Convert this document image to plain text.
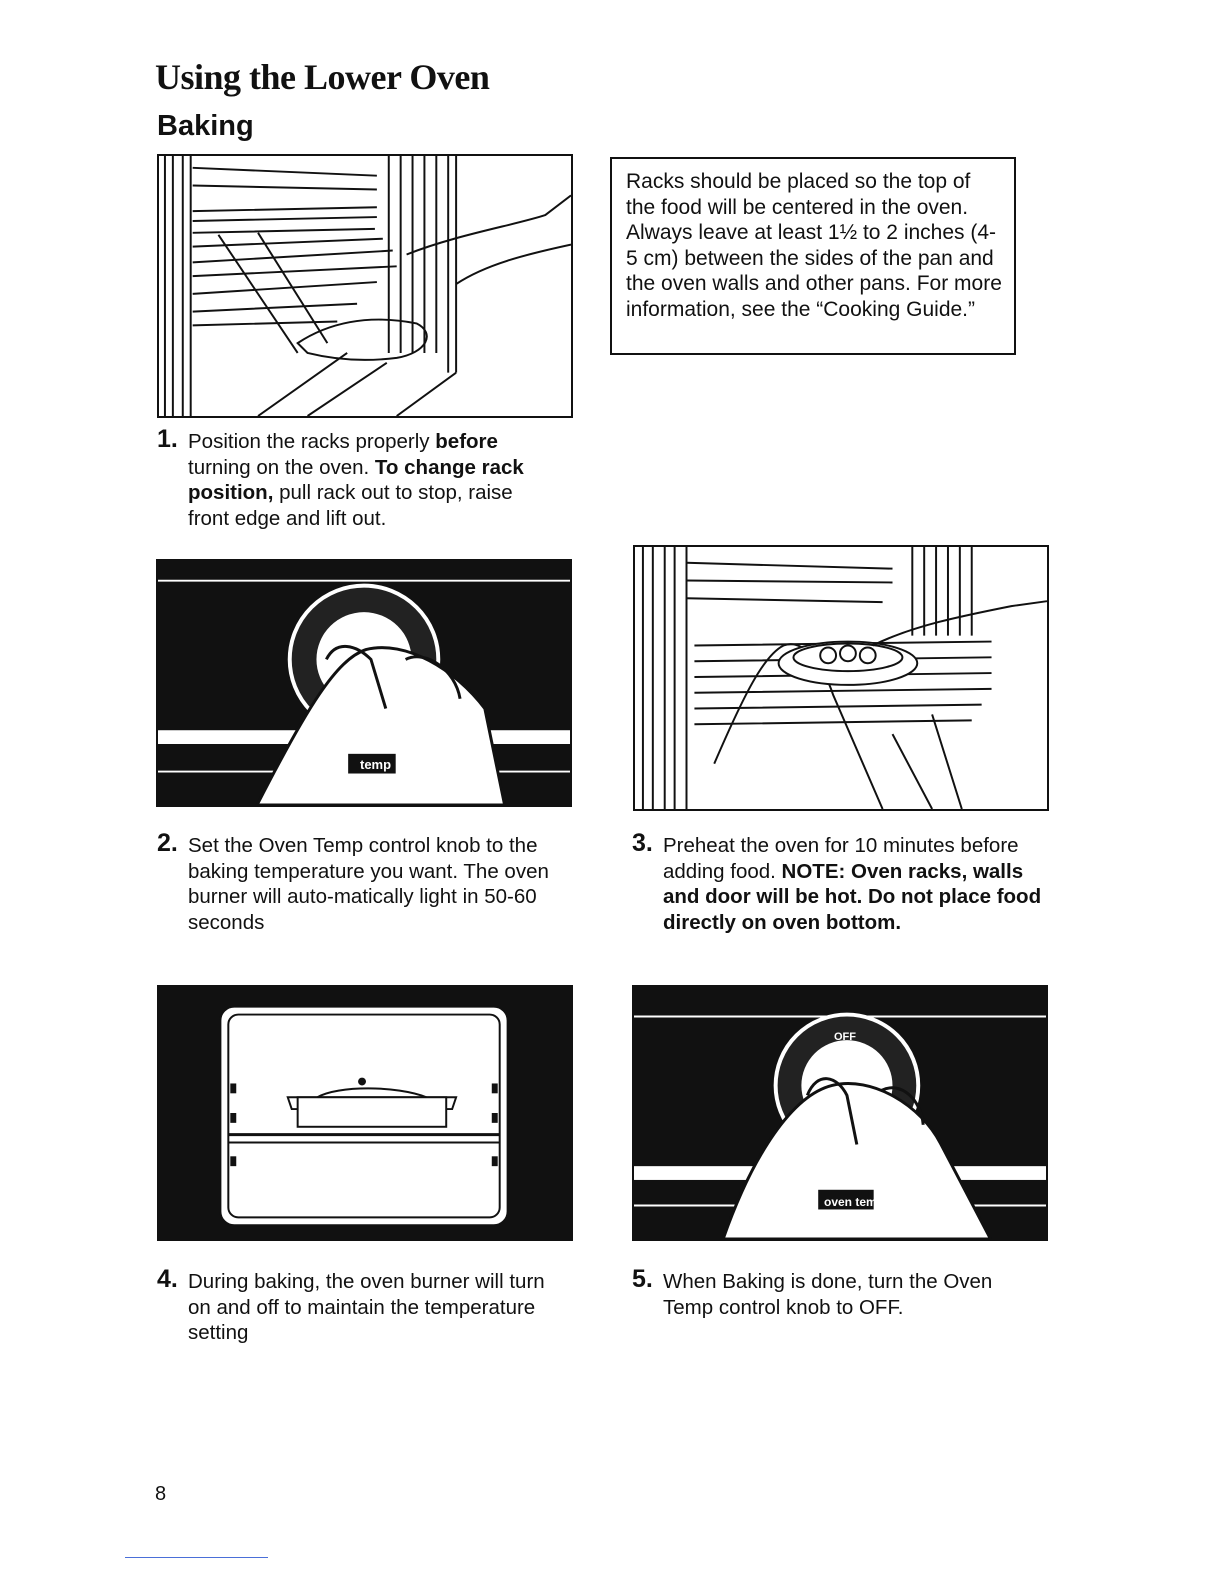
Using the Lower Oven
Baking
Racks should be placed so the top of the food will be centered in the oven. Always leave at least 1½ to 2 inches (4-5 cm) between the sides of the pan and the oven walls and other pans. For more information, see the “Cooking Guide.”
1. Position the racks properly before turning on the oven. To change rack position, pull rack out to stop, raise front edge and lift out.
temp
2. Set the Oven Temp control knob to the baking temperature you want. The oven burner will auto-matically light in 50-60 seconds
3. Preheat the oven for 10 minutes before adding food. NOTE: Oven racks, walls and door will be hot. Do not place food directly on oven bottom.
OFF
oven temp
4. During baking, the oven burner will turn on and off to maintain the temperature setting
5. When Baking is done, turn the Oven Temp control knob to OFF.
8
